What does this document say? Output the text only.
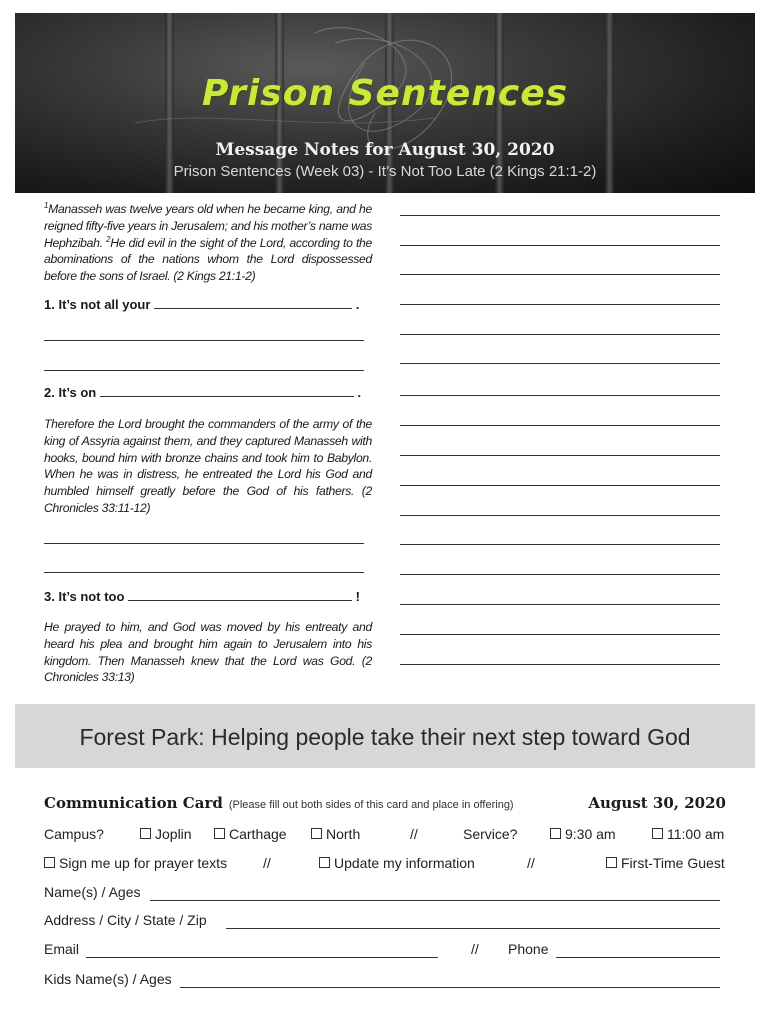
Prison Sentences
Message Notes for August 30, 2020
Prison Sentences (Week 03) - It’s Not Too Late (2 Kings 21:1-2)
$^1$Manasseh was twelve years old when he became king, and he reigned fifty-five years in Jerusalem; and his mother’s name was Hephzibah. $^2$He did evil in the sight of the Lord, according to the abominations of the nations whom the Lord dispossessed before the sons of Israel. (2 Kings 21:1-2)
1. It’s not all your	.
2. It’s on	.
Therefore the Lord brought the commanders of the army of the king of Assyria against them, and they captured Manasseh with hooks, bound him with bronze chains and took him to Babylon. When he was in distress, he entreated the Lord his God and humbled himself greatly before the God of his fathers. (2 Chronicles 33:11-12)
3. It’s not too	!
He prayed to him, and God was moved by his entreaty and heard his plea and brought him again to Jerusalem into his kingdom. Then Manasseh knew that the Lord was God. (2 Chronicles 33:13)
Forest Park: Helping people take their next step toward God
Communication Card (Please fill out both sides of this card and place in offering)	August 30, 2020
Campus?	Joplin	Carthage	North	//	Service?	9:30 am	11:00 am
Sign me up for prayer texts	//	Update my information	//	First-Time Guest
Name(s) / Ages
Address / City / State / Zip
Email	// Phone
Kids Name(s) / Ages
